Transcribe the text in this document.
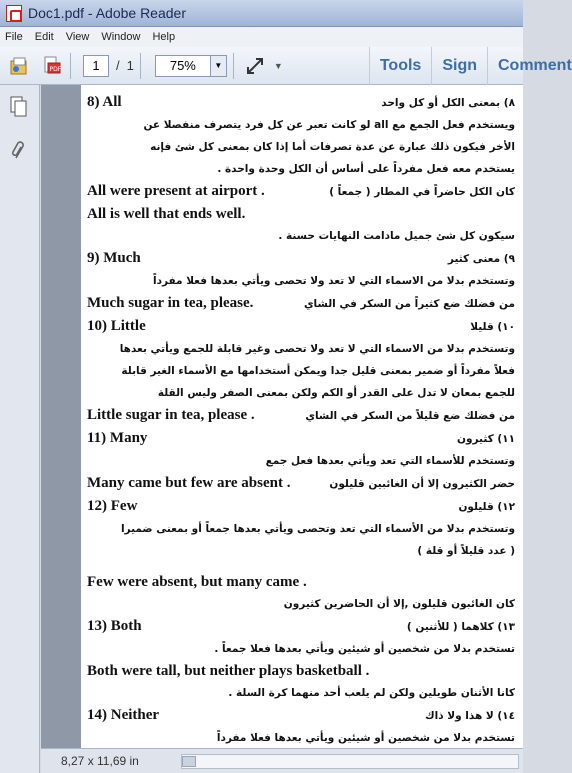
Doc1.pdf - Adobe Reader
File Edit View Window Help
PDF	1	/ 1	75%	▼	▼	Tools	Sign	Comment
8) All	٨) بمعنى الكل أو كل واحد
ويستخدم فعل الجمع مع all لو كانت تعبر عن كل فرد يتصرف منفصلا عن
الأخر فيكون ذلك عبارة عن عدة تصرفات أما إذا كان بمعنى كل شئ فإنه
يستخدم معه فعل مفرداً على أساس أن الكل وحدة واحدة .
All were present at airport .	كان الكل حاضراً في المطار ( جمعاً )
All is well that ends well.
سيكون كل شئ جميل مادامت النهايات حسنة .
9) Much	٩) معنى كثير
وتستخدم بدلا من الاسماء التي لا تعد ولا تحصى ويأتي بعدها فعلا مفرداً
Much sugar in tea, please.	من فضلك ضع كثيراً من السكر في الشاي
10) Little	١٠) قليلا
وتستخدم بدلا من الاسماء التي لا تعد ولا تحصى وغير قابلة للجمع ويأتي بعدها
فعلاً مفرداً أو ضمير بمعنى قليل جدا ويمكن أستخدامها مع الأسماء الغير قابلة
للجمع بمعان لا تدل على القدر أو الكم ولكن بمعنى الصفر وليس القلة
Little sugar in tea, please .	من فضلك ضع قليلاً من السكر في الشاي
11) Many	١١) كثيرون
وتستخدم للأسماء التي تعد ويأتي بعدها فعل جمع
Many came but few are absent .	حضر الكثيرون إلا أن الغائبين قليلون
12) Few	١٢) قليلون
وتستخدم بدلا من الأسماء التي تعد وتحصى ويأتي بعدها جمعاً أو بمعنى ضميرا
( عدد قليلاً أو قلة )
Few were absent, but many came .
كان الغائبون قليلون ,إلا أن الحاضرين كثيرون
13) Both	١٣) كلاهما ( للأثنين )
تستخدم بدلا من شخصين أو شيئين ويأتي بعدها فعلا جمعاً .
Both were tall, but neither plays basketball .
كانا الأثنان طويلين ولكن لم يلعب أحد منهما كرة السلة .
14) Neither	١٤) لا هذا ولا ذاك
تستخدم بدلا من شخصين أو شيئين ويأتي بعدها فعلا مفرداً
8,27 x 11,69 in
